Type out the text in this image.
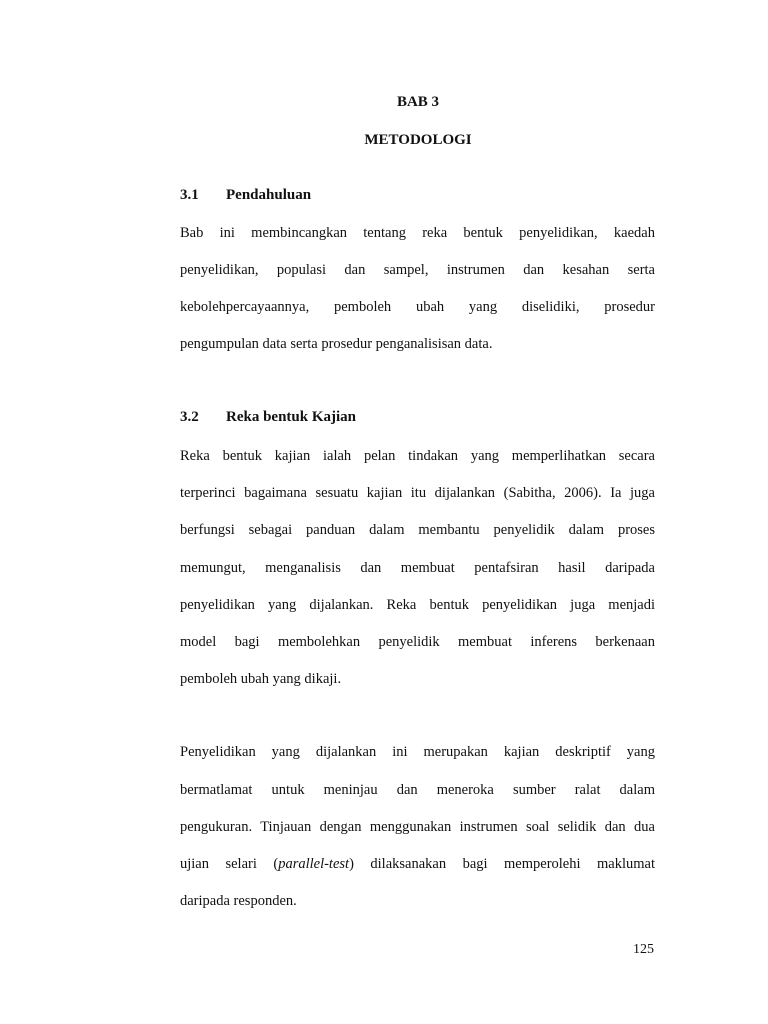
BAB 3

METODOLOGI

3.1 Pendahuluan

Bab ini membincangkan tentang reka bentuk penyelidikan, kaedah

penyelidikan, populasi dan sampel, instrumen dan kesahan serta

kebolehpercayaannya, pemboleh ubah yang diselidiki, prosedur

pengumpulan data serta prosedur penganalisisan data.

3.2 Reka bentuk Kajian

Reka bentuk kajian ialah pelan tindakan yang memperlihatkan secara

terperinci bagaimana sesuatu kajian itu dijalankan (Sabitha, 2006). Ia juga

berfungsi sebagai panduan dalam membantu penyelidik dalam proses

memungut, menganalisis dan membuat pentafsiran hasil daripada

penyelidikan yang dijalankan. Reka bentuk penyelidikan juga menjadi

model bagi membolehkan penyelidik membuat inferens berkenaan

pemboleh ubah yang dikaji.

Penyelidikan yang dijalankan ini merupakan kajian deskriptif yang

bermatlamat untuk meninjau dan meneroka sumber ralat dalam

pengukuran. Tinjauan dengan menggunakan instrumen soal selidik dan dua

ujian selari (parallel-test) dilaksanakan bagi memperolehi maklumat

daripada responden.

125
